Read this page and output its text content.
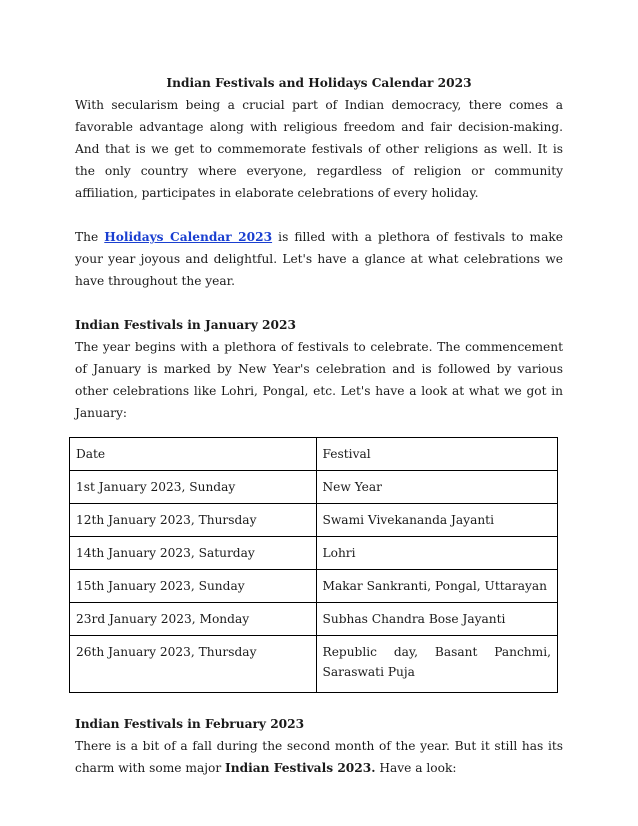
Indian Festivals and Holidays Calendar 2023

With secularism being a crucial part of Indian democracy, there comes a favorable advantage along with religious freedom and fair decision-making. And that is we get to commemorate festivals of other religions as well. It is the only country where everyone, regardless of religion or community affiliation, participates in elaborate celebrations of every holiday.

The Holidays Calendar 2023 is filled with a plethora of festivals to make your year joyous and delightful. Let's have a glance at what celebrations we have throughout the year.

Indian Festivals in January 2023

The year begins with a plethora of festivals to celebrate. The commencement of January is marked by New Year's celebration and is followed by various other celebrations like Lohri, Pongal, etc. Let's have a look at what we got in January:

Date	Festival
1st January 2023, Sunday	New Year
12th January 2023, Thursday	Swami Vivekananda Jayanti
14th January 2023, Saturday	Lohri
15th January 2023, Sunday	Makar Sankranti, Pongal, Uttarayan
23rd January 2023, Monday	Subhas Chandra Bose Jayanti
26th January 2023, Thursday	Republic day, Basant Panchmi, Saraswati Puja

Indian Festivals in February 2023

There is a bit of a fall during the second month of the year. But it still has its charm with some major Indian Festivals 2023. Have a look:
